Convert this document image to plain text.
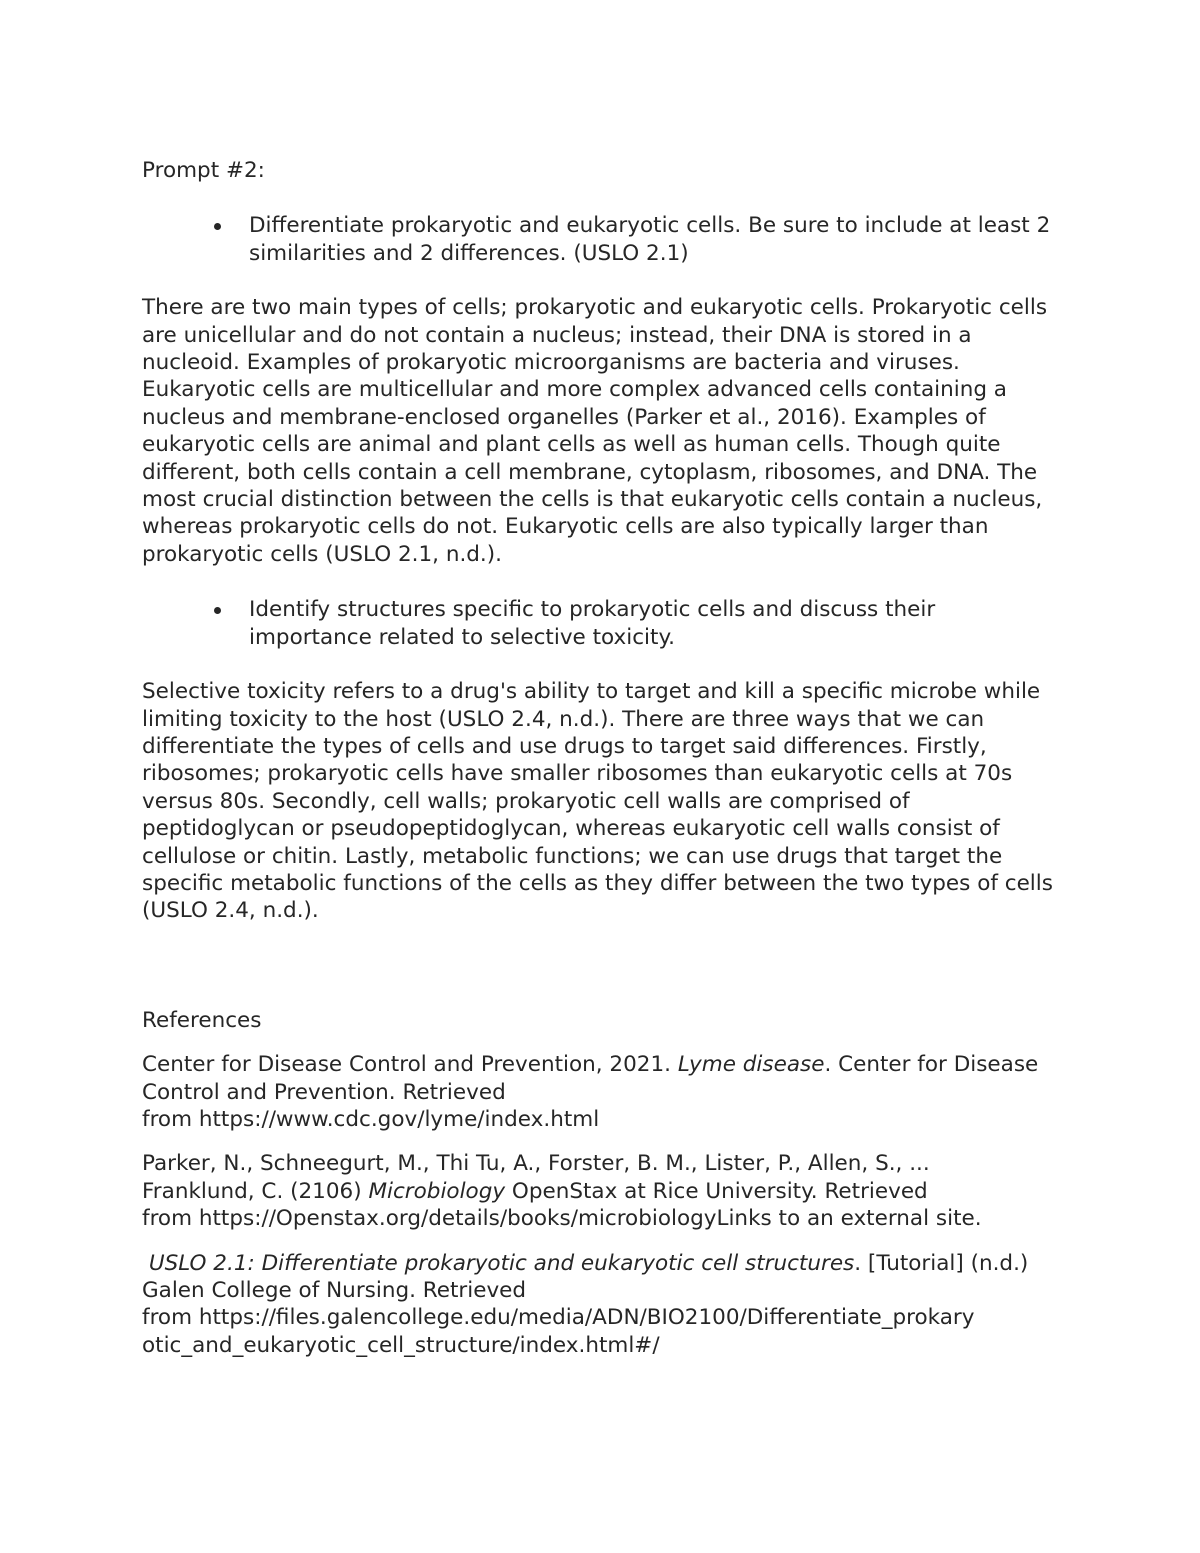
Prompt #2:

Differentiate prokaryotic and eukaryotic cells. Be sure to include at least 2 similarities and 2 differences. (USLO 2.1)

There are two main types of cells; prokaryotic and eukaryotic cells. Prokaryotic cells are unicellular and do not contain a nucleus; instead, their DNA is stored in a nucleoid. Examples of prokaryotic microorganisms are bacteria and viruses. Eukaryotic cells are multicellular and more complex advanced cells containing a nucleus and membrane-enclosed organelles (Parker et al., 2016). Examples of eukaryotic cells are animal and plant cells as well as human cells. Though quite different, both cells contain a cell membrane, cytoplasm, ribosomes, and DNA. The most crucial distinction between the cells is that eukaryotic cells contain a nucleus, whereas prokaryotic cells do not. Eukaryotic cells are also typically larger than prokaryotic cells (USLO 2.1, n.d.).

Identify structures specific to prokaryotic cells and discuss their importance related to selective toxicity.

Selective toxicity refers to a drug's ability to target and kill a specific microbe while limiting toxicity to the host (USLO 2.4, n.d.). There are three ways that we can differentiate the types of cells and use drugs to target said differences. Firstly, ribosomes; prokaryotic cells have smaller ribosomes than eukaryotic cells at 70s versus 80s. Secondly, cell walls; prokaryotic cell walls are comprised of peptidoglycan or pseudopeptidoglycan, whereas eukaryotic cell walls consist of cellulose or chitin. Lastly, metabolic functions; we can use drugs that target the specific metabolic functions of the cells as they differ between the two types of cells (USLO 2.4, n.d.).

References

Center for Disease Control and Prevention, 2021. Lyme disease. Center for Disease Control and Prevention. Retrieved
from https://www.cdc.gov/lyme/index.html

Parker, N., Schneegurt, M., Thi Tu, A., Forster, B. M., Lister, P., Allen, S., ...
Franklund, C. (2106) Microbiology OpenStax at Rice University. Retrieved
from https://Openstax.org/details/books/microbiologyLinks to an external site.

USLO 2.1: Differentiate prokaryotic and eukaryotic cell structures. [Tutorial] (n.d.) Galen College of Nursing. Retrieved
from https://files.galencollege.edu/media/ADN/BIO2100/Differentiate_prokary
otic_and_eukaryotic_cell_structure/index.html#/
